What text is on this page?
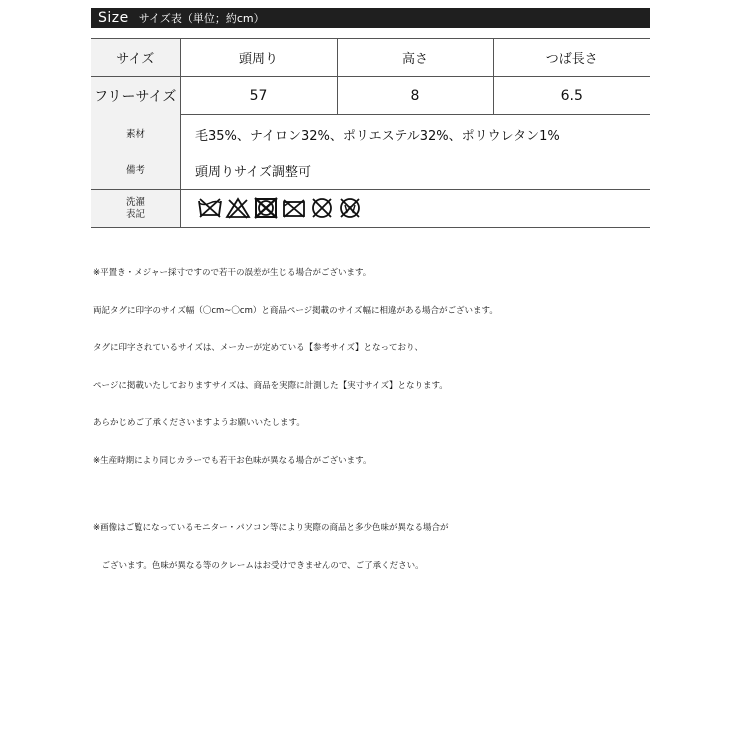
Size サイズ表（単位；約cm）
サイズ	頭周り	高さ	つば長さ
フリーサイズ	57	8	6.5
素材	毛35%、ナイロン32%、ポリエステル32%、ポリウレタン1%
備考	頭周りサイズ調整可
洗濯
表記

※平置き・メジャー採寸ですので若干の誤差が生じる場合がございます。

両記タグに印字のサイズ幅（〇cm~〇cm）と商品ページ掲載のサイズ幅に相違がある場合がございます。

タグに印字されているサイズは、メーカーが定めている【参考サイズ】となっており、

ページに掲載いたしておりますサイズは、商品を実際に計測した【実寸サイズ】となります。

あらかじめご了承くださいますようお願いいたします。

※生産時期により同じカラーでも若干お色味が異なる場合がございます。

※画像はご覧になっているモニター・パソコン等により実際の商品と多少色味が異なる場合が

　ございます。色味が異なる等のクレームはお受けできませんので、ご了承ください。
